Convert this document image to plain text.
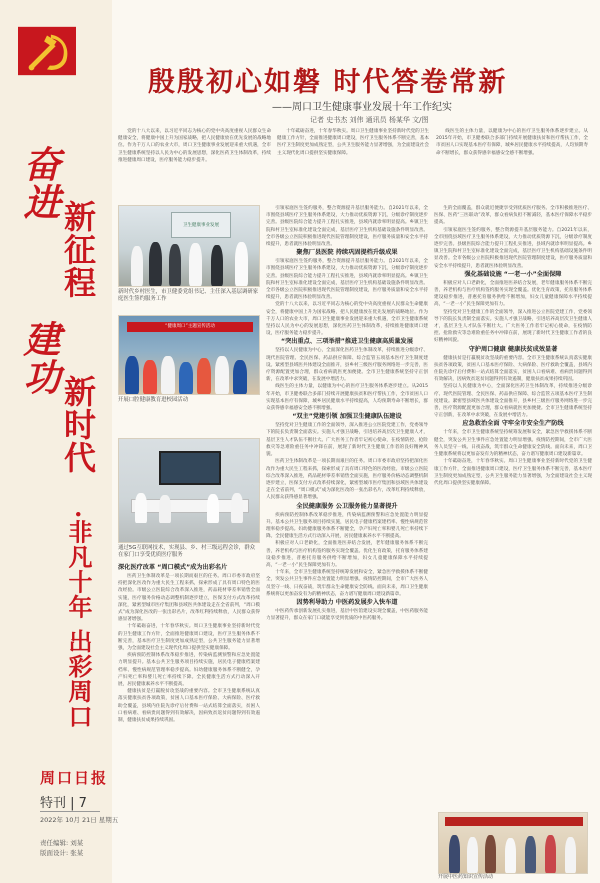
奋进
新征程
建功
新时代
·非凡十年 出彩周口
周口日报
特刊 | 7
2022年 10月 21日 星期五
责任编辑: 刘某
版面设计: 张某
殷殷初心如磐 时代答卷常新
——周口卫生健康事业发展十年工作纪实
记者 史书杰 刘伟 通讯员 杨某华 文/图

党的十八大以来，以习近平同志为核心的党中央高度重视人民群众生命健康安全，将健康中国上升为国家战略，把人民健康放在优先发展的战略地位。作为千万人口的农业大市，周口卫生健康事业发展迎来重大机遇，全市卫生健康系统坚持以人民为中心的发展思想，深化医药卫生体制改革，持续推进健康周口建设，医疗服务能力稳步提升。

十年砥砺奋进，十年春华秋实。周口卫生健康事业坚持新时代党的卫生健康工作方针，全面推进健康周口建设，医疗卫生服务体系不断完善，基本医疗卫生制度更加成熟定型，公共卫生服务能力显著增强，为全面建设社会主义现代化周口提供坚实健康保障。

线医生的主体力量，以健康为中心的医疗卫生服务体系逐步建立。从2015年开始，市卫健委联合多部门持续开展健康扶贫和医疗帮扶工作，全市贫困人口实现基本医疗有保障，城乡居民健康水平持续提高，人均预期寿命不断增长，群众获得感幸福感安全感不断增强。

卫生健康事业发展
新时代乡村医生，市卫健委党组书记、主任深入基层调研家庭医生签约服务工作
“健康周口”主题宣传活动
开展口腔健康教育进校园活动
通过5G互联网技术，实现县、乡、村三级远程会诊，群众在家门口享受优质医疗服务
深化医疗改革 “周口模式”成为出彩名片

医药卫生体制改革是一项长期而艰巨的任务。周口市委市政府坚持把深化医改作为重大民生工程来抓，探索形成了具有周口特色的医改经验。市级公立医院综合改革深入推进，药品耗材零差率销售全面实施，医疗服务价格动态调整机制逐步建立，医保支付方式改革持续深化，紧密型城市医疗集团和县域医共体建设走在全省前列，“周口模式”成为深化医改的一张出彩名片，改革红利持续释放，人民群众获得感显著增强。

十年砥砺奋进，十年春华秋实。周口卫生健康事业坚持新时代党的卫生健康工作方针，全面推进健康周口建设，医疗卫生服务体系不断完善，基本医疗卫生制度更加成熟定型，公共卫生服务能力显著增强，为全面建设社会主义现代化周口提供坚实健康保障。

疾病预防控制体系改革稳步推进，传染病监测预警和应急处置能力明显提升。基本公共卫生服务项目持续实施，居民电子健康档案建档率、慢性病规范管理率稳步提高。妇幼健康服务体系不断健全，孕产妇死亡率和婴儿死亡率持续下降。全民健康生活方式行动深入开展，居民健康素养水平不断提高。

健康扶贫是打赢脱贫攻坚战的重要内容。全市卫生健康系统认真落实健康扶贫各项政策，贫困人口基本医疗保险、大病保险、医疗救助全覆盖，县域内住院先诊疗后付费和一站式结算全面落实，贫困人口看病难、看病贵问题得到有效解决，因病致贫返贫问题得到有效遏制，健康扶贫成果持续巩固。

引领家庭医生签约服务，整合资源提升基层服务能力。自2021年以来，全市围绕县域医疗卫生服务体系建设，大力推动优质资源下沉，分级诊疗制度逐步完善。县级医院综合能力提升工程扎实推进，县域内就诊率明显提高。乡镇卫生院和村卫生室标准化建设全面完成，基层医疗卫生机构基础设施条件明显改善。全市各级公立医院积极推进现代医院管理制度建设，医疗服务质量和安全水平持续提升，患者就医体验明显改善。

聚焦厂县医院 持续巩固提档升级成果

引领家庭医生签约服务，整合资源提升基层服务能力。自2021年以来，全市围绕县域医疗卫生服务体系建设，大力推动优质资源下沉，分级诊疗制度逐步完善。县级医院综合能力提升工程扎实推进，县域内就诊率明显提高。乡镇卫生院和村卫生室标准化建设全面完成，基层医疗卫生机构基础设施条件明显改善。全市各级公立医院积极推进现代医院管理制度建设，医疗服务质量和安全水平持续提升，患者就医体验明显改善。

党的十八大以来，以习近平同志为核心的党中央高度重视人民群众生命健康安全，将健康中国上升为国家战略，把人民健康放在优先发展的战略地位。作为千万人口的农业大市，周口卫生健康事业发展迎来重大机遇，全市卫生健康系统坚持以人民为中心的发展思想，深化医药卫生体制改革，持续推进健康周口建设，医疗服务能力稳步提升。

“突出重点、三项举措”推进卫生健康高质量发展

坚持以人民健康为中心，全面深化医药卫生体制改革，持续推进分级诊疗、现代医院管理、全民医保、药品供应保障、综合监管五项基本医疗卫生制度建设。紧密型县域医共体建设全面推开，县乡村三级医疗服务网络进一步完善，医疗资源配置更加合理，群众看病就医更加便捷。全市卫生健康系统坚持守正创新，在改革中求突破，在发展中增活力。

线医生的主体力量，以健康为中心的医疗卫生服务体系逐步建立。从2015年开始，市卫健委联合多部门持续开展健康扶贫和医疗帮扶工作，全市贫困人口实现基本医疗有保障，城乡居民健康水平持续提高，人均预期寿命不断增长，群众获得感幸福感安全感不断增强。

“双主”党建引领 加强卫生健康队伍建设

坚持党对卫生健康工作的全面领导，深入推进公立医院党建工作，党委领导下的院长负责制全面落实。实施人才强卫战略，引进培养高层次卫生健康人才，基层卫生人才队伍不断壮大。广大医务工作者牢记初心使命，在疫情防控、抢险救灾等急难险重任务中冲锋在前，展现了新时代卫生健康工作者的良好精神风貌。

医药卫生体制改革是一项长期而艰巨的任务。周口市委市政府坚持把深化医改作为重大民生工程来抓，探索形成了具有周口特色的医改经验。市级公立医院综合改革深入推进，药品耗材零差率销售全面实施，医疗服务价格动态调整机制逐步建立，医保支付方式改革持续深化，紧密型城市医疗集团和县域医共体建设走在全省前列，“周口模式”成为深化医改的一张出彩名片，改革红利持续释放，人民群众获得感显著增强。

全民健康服务 公卫服务能力显著提升

疾病预防控制体系改革稳步推进，传染病监测预警和应急处置能力明显提升。基本公共卫生服务项目持续实施，居民电子健康档案建档率、慢性病规范管理率稳步提高。妇幼健康服务体系不断健全，孕产妇死亡率和婴儿死亡率持续下降。全民健康生活方式行动深入开展，居民健康素养水平不断提高。

积极应对人口老龄化，全面推进医养结合发展，老年健康服务体系不断完善，养老机构与医疗机构签约服务实现全覆盖。优化生育政策，托育服务体系建设稳步推进，普惠托育服务供给不断增加，妇女儿童健康保障水平持续提高，“一老一小”民生保障更加有力。

十年来，全市卫生健康系统坚持统筹发展和安全，紧急医学救援体系不断健全，突发公共卫生事件应急处置能力明显增强。疫情防控期间，全市广大医务人员坚守一线、日夜奋战，筑牢群众生命健康安全防线。面向未来，周口卫生健康系统将以更加奋发有为的精神状态，奋力谱写健康周口建设新篇章。

因势利导助力 中医药发展步入快车道

中医药传承创新发展扎实推进，基层中医馆建设实现全覆盖，中医药服务能力显著提升，群众在家门口就能享受到优质的中医药服务。

生的全面覆盖，群众就近便捷享受到优质医疗服务。全市积极推进医疗、医保、医药“三医联动”改革，群众看病负担不断减轻，基本医疗保障水平稳步提高。

引领家庭医生签约服务，整合资源提升基层服务能力。自2021年以来，全市围绕县域医疗卫生服务体系建设，大力推动优质资源下沉，分级诊疗制度逐步完善。县级医院综合能力提升工程扎实推进，县域内就诊率明显提高。乡镇卫生院和村卫生室标准化建设全面完成，基层医疗卫生机构基础设施条件明显改善。全市各级公立医院积极推进现代医院管理制度建设，医疗服务质量和安全水平持续提升，患者就医体验明显改善。

强化基础设施 “一老一小”全面保障

积极应对人口老龄化，全面推进医养结合发展，老年健康服务体系不断完善，养老机构与医疗机构签约服务实现全覆盖。优化生育政策，托育服务体系建设稳步推进，普惠托育服务供给不断增加，妇女儿童健康保障水平持续提高，“一老一小”民生保障更加有力。

坚持党对卫生健康工作的全面领导，深入推进公立医院党建工作，党委领导下的院长负责制全面落实。实施人才强卫战略，引进培养高层次卫生健康人才，基层卫生人才队伍不断壮大。广大医务工作者牢记初心使命，在疫情防控、抢险救灾等急难险重任务中冲锋在前，展现了新时代卫生健康工作者的良好精神风貌。

守护周口健康 健康扶贫成效显著

健康扶贫是打赢脱贫攻坚战的重要内容。全市卫生健康系统认真落实健康扶贫各项政策，贫困人口基本医疗保险、大病保险、医疗救助全覆盖，县域内住院先诊疗后付费和一站式结算全面落实，贫困人口看病难、看病贵问题得到有效解决，因病致贫返贫问题得到有效遏制，健康扶贫成果持续巩固。

坚持以人民健康为中心，全面深化医药卫生体制改革，持续推进分级诊疗、现代医院管理、全民医保、药品供应保障、综合监管五项基本医疗卫生制度建设。紧密型县域医共体建设全面推开，县乡村三级医疗服务网络进一步完善，医疗资源配置更加合理，群众看病就医更加便捷。全市卫生健康系统坚持守正创新，在改革中求突破，在发展中增活力。

应急救治全面 守牢全市安全生产防线

十年来，全市卫生健康系统坚持统筹发展和安全，紧急医学救援体系不断健全，突发公共卫生事件应急处置能力明显增强。疫情防控期间，全市广大医务人员坚守一线、日夜奋战，筑牢群众生命健康安全防线。面向未来，周口卫生健康系统将以更加奋发有为的精神状态，奋力谱写健康周口建设新篇章。

十年砥砺奋进，十年春华秋实。周口卫生健康事业坚持新时代党的卫生健康工作方针，全面推进健康周口建设，医疗卫生服务体系不断完善，基本医疗卫生制度更加成熟定型，公共卫生服务能力显著增强，为全面建设社会主义现代化周口提供坚实健康保障。

开展中医药知识宣传活动
